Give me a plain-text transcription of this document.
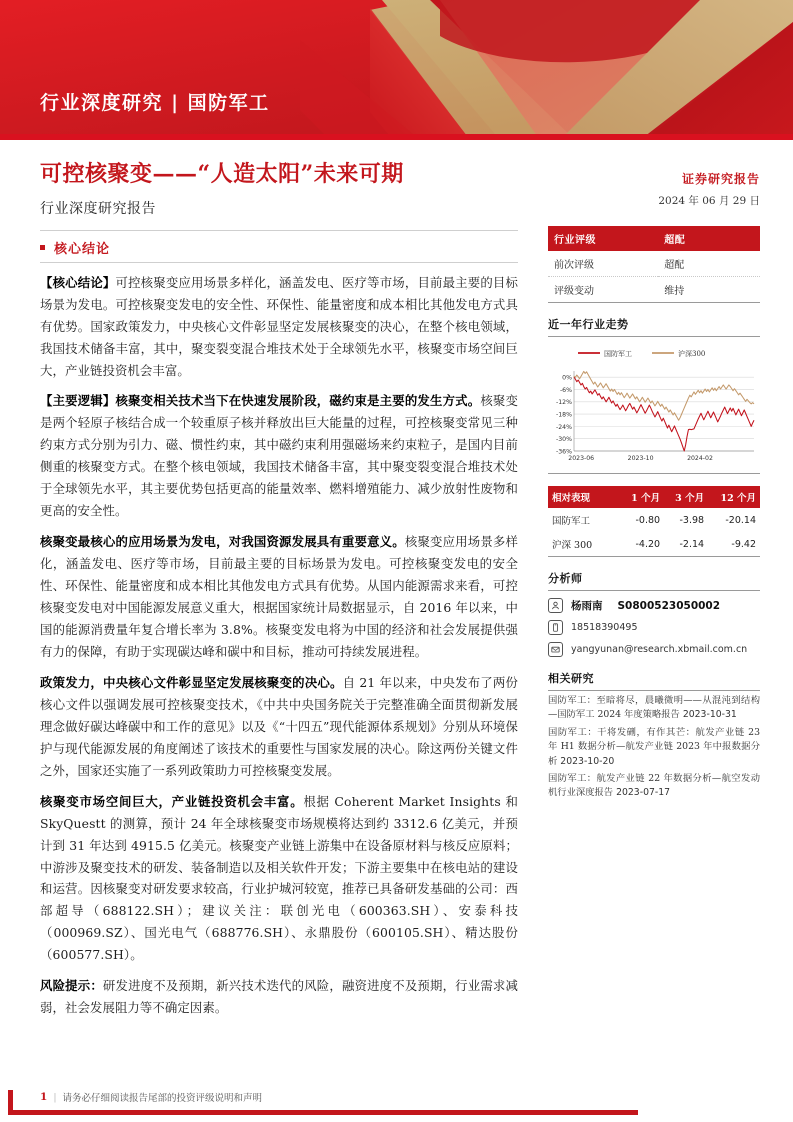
行业深度研究 | 国防军工
可控核聚变——“人造太阳”未来可期
行业深度研究报告
核心结论

【核心结论】可控核聚变应用场景多样化，涵盖发电、医疗等市场，目前最主要的目标场景为发电。可控核聚变发电的安全性、环保性、能量密度和成本相比其他发电方式具有优势。国家政策发力，中央核心文件彰显坚定发展核聚变的决心，在整个核电领域，我国技术储备丰富，其中，聚变裂变混合堆技术处于全球领先水平，核聚变市场空间巨大，产业链投资机会丰富。

【主要逻辑】核聚变相关技术当下在快速发展阶段，磁约束是主要的发生方式。核聚变是两个轻原子核结合成一个较重原子核并释放出巨大能量的过程，可控核聚变常见三种约束方式分别为引力、磁、惯性约束，其中磁约束利用强磁场来约束粒子，是国内目前侧重的核聚变方式。在整个核电领域，我国技术储备丰富，其中聚变裂变混合堆技术处于全球领先水平，其主要优势包括更高的能量效率、燃料增殖能力、减少放射性废物和更高的安全性。

核聚变最核心的应用场景为发电，对我国资源发展具有重要意义。核聚变应用场景多样化，涵盖发电、医疗等市场，目前最主要的目标场景为发电。可控核聚变发电的安全性、环保性、能量密度和成本相比其他发电方式具有优势。从国内能源需求来看，可控核聚变发电对中国能源发展意义重大，根据国家统计局数据显示，自 2016 年以来，中国的能源消费量年复合增长率为 3.8%。核聚变发电将为中国的经济和社会发展提供强有力的保障，有助于实现碳达峰和碳中和目标，推动可持续发展进程。

政策发力，中央核心文件彰显坚定发展核聚变的决心。自 21 年以来，中央发布了两份核心文件以强调发展可控核聚变技术，《中共中央国务院关于完整准确全面贯彻新发展理念做好碳达峰碳中和工作的意见》以及《“十四五”现代能源体系规划》分别从环境保护与现代能源发展的角度阐述了该技术的重要性与国家发展的决心。除这两份关键文件之外，国家还实施了一系列政策助力可控核聚变发展。

核聚变市场空间巨大，产业链投资机会丰富。根据 Coherent Market Insights 和 SkyQuestt 的测算，预计 24 年全球核聚变市场规模将达到约 3312.6 亿美元，并预计到 31 年达到 4915.5 亿美元。核聚变产业链上游集中在设备原材料与核反应原料；中游涉及聚变技术的研发、装备制造以及相关软件开发；下游主要集中在核电站的建设和运营。因核聚变对研发要求较高，行业护城河较宽，推荐已具备研发基础的公司：西部超导（688122.SH）；建议关注：联创光电（600363.SH）、安泰科技（000969.SZ）、国光电气（688776.SH）、永鼎股份（600105.SH）、精达股份（600577.SH）。

风险提示：研发进度不及预期，新兴技术迭代的风险，融资进度不及预期，行业需求减弱，社会发展阻力等不确定因素。

1 | 请务必仔细阅读报告尾部的投资评级说明和声明
证券研究报告
2024 年 06 月 29 日
行业评级	超配
前次评级	超配
评级变动	维持
近一年行业走势
国防军工	沪深300
0%
-6%
-12%
-18%
-24%
-30%
-36%
2023-06	2023-10	2024-02
相对表现	1 个月	3 个月	12 个月
国防军工	-0.80	-3.98	-20.14
沪深 300	-4.20	-2.14	-9.42
分析师
杨雨南 S0800523050002
18518390495
yangyunan@research.xbmail.com.cn
相关研究
国防军工：至暗将尽，晨曦微明——从混沌到结构—国防军工 2024 年度策略报告 2023-10-31
国防军工：干将发硎，有作其芒：航发产业链 23 年 H1 数据分析—航发产业链 2023 年中报数据分析 2023-10-20
国防军工：航发产业链 22 年数据分析—航空发动机行业深度报告 2023-07-17
